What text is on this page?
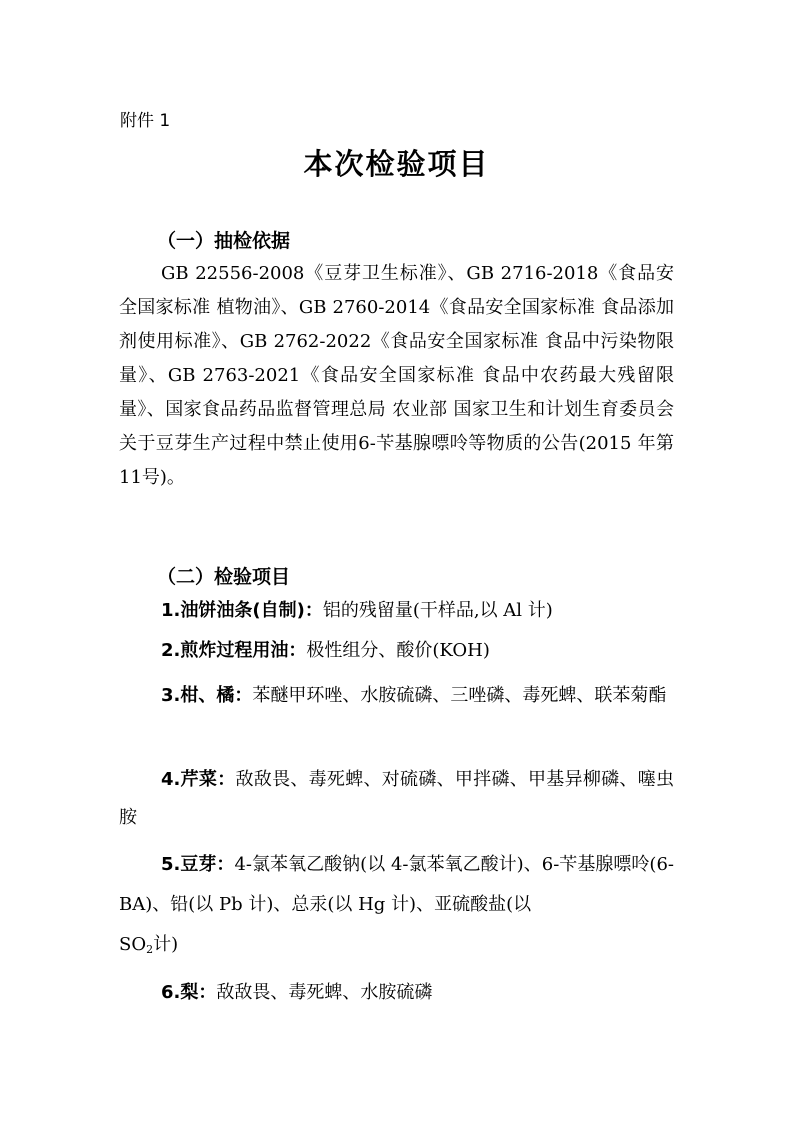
附件 1
本次检验项目
（一）抽检依据

GB 22556-2008《豆芽卫生标准》、GB 2716-2018《食品安全国家标准 植物油》、GB 2760-2014《食品安全国家标准 食品添加剂使用标准》、GB 2762-2022《食品安全国家标准 食品中污染物限量》、GB 2763-2021《食品安全国家标准 食品中农药最大残留限量》、国家食品药品监督管理总局 农业部 国家卫生和计划生育委员会关于豆芽生产过程中禁止使用6-苄基腺嘌呤等物质的公告(2015 年第 11号)。

（二）检验项目

1.油饼油条(自制)：铝的残留量(干样品,以 Al 计)

2.煎炸过程用油：极性组分、酸价(KOH)

3.柑、橘：苯醚甲环唑、水胺硫磷、三唑磷、毒死蜱、联苯菊酯

4.芹菜：敌敌畏、毒死蜱、对硫磷、甲拌磷、甲基异柳磷、噻虫胺

5.豆芽：4-氯苯氧乙酸钠(以 4-氯苯氧乙酸计)、6-苄基腺嘌呤(6-BA)、铅(以 Pb 计)、总汞(以 Hg 计)、亚硫酸盐(以
$SO_2$计)

6.梨：敌敌畏、毒死蜱、水胺硫磷
